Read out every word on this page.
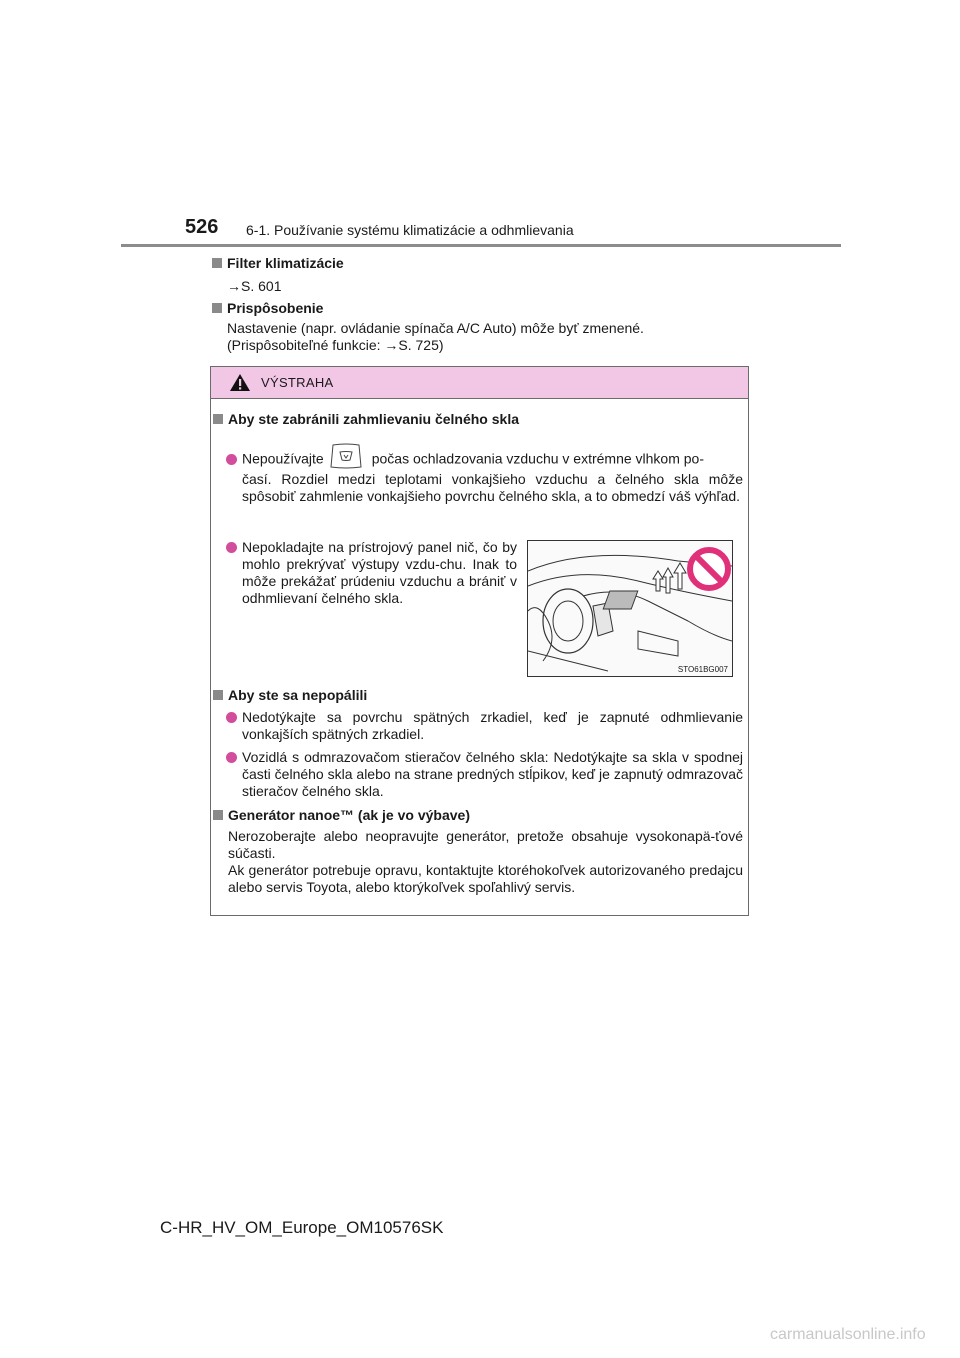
526 6-1. Používanie systému klimatizácie a odhmlievania
Filter klimatizácie
→S. 601
Prispôsobenie
Nastavenie (napr. ovládanie spínača A/C Auto) môže byť zmenené.
(Prispôsobiteľné funkcie: →S. 725)
VÝSTRAHA
Aby ste zabránili zahmlievaniu čelného skla
Nepoužívajte	počas ochladzovania vzduchu v extrémne vlhkom po-
časí. Rozdiel medzi teplotami vonkajšieho vzduchu a čelného skla môže spôsobiť zahmlenie vonkajšieho povrchu čelného skla, a to obmedzí váš výhľad.
Nepokladajte na prístrojový panel nič, čo by mohlo prekrývať výstupy vzdu-chu. Inak to môže prekážať prúdeniu vzduchu a brániť v odhmlievaní čelného skla.
STO61BG007
Aby ste sa nepopálili
Nedotýkajte sa povrchu spätných zrkadiel, keď je zapnuté odhmlievanie vonkajších spätných zrkadiel.
Vozidlá s odmrazovačom stieračov čelného skla: Nedotýkajte sa skla v spodnej časti čelného skla alebo na strane predných stĺpikov, keď je zapnutý odmrazovač stieračov čelného skla.
Generátor nanoe™ (ak je vo výbave)
Nerozoberajte alebo neopravujte generátor, pretože obsahuje vysokonapä-ťové súčasti.
Ak generátor potrebuje opravu, kontaktujte ktoréhokoľvek autorizovaného predajcu alebo servis Toyota, alebo ktorýkoľvek spoľahlivý servis.
C-HR_HV_OM_Europe_OM10576SK
carmanualsonline.info
